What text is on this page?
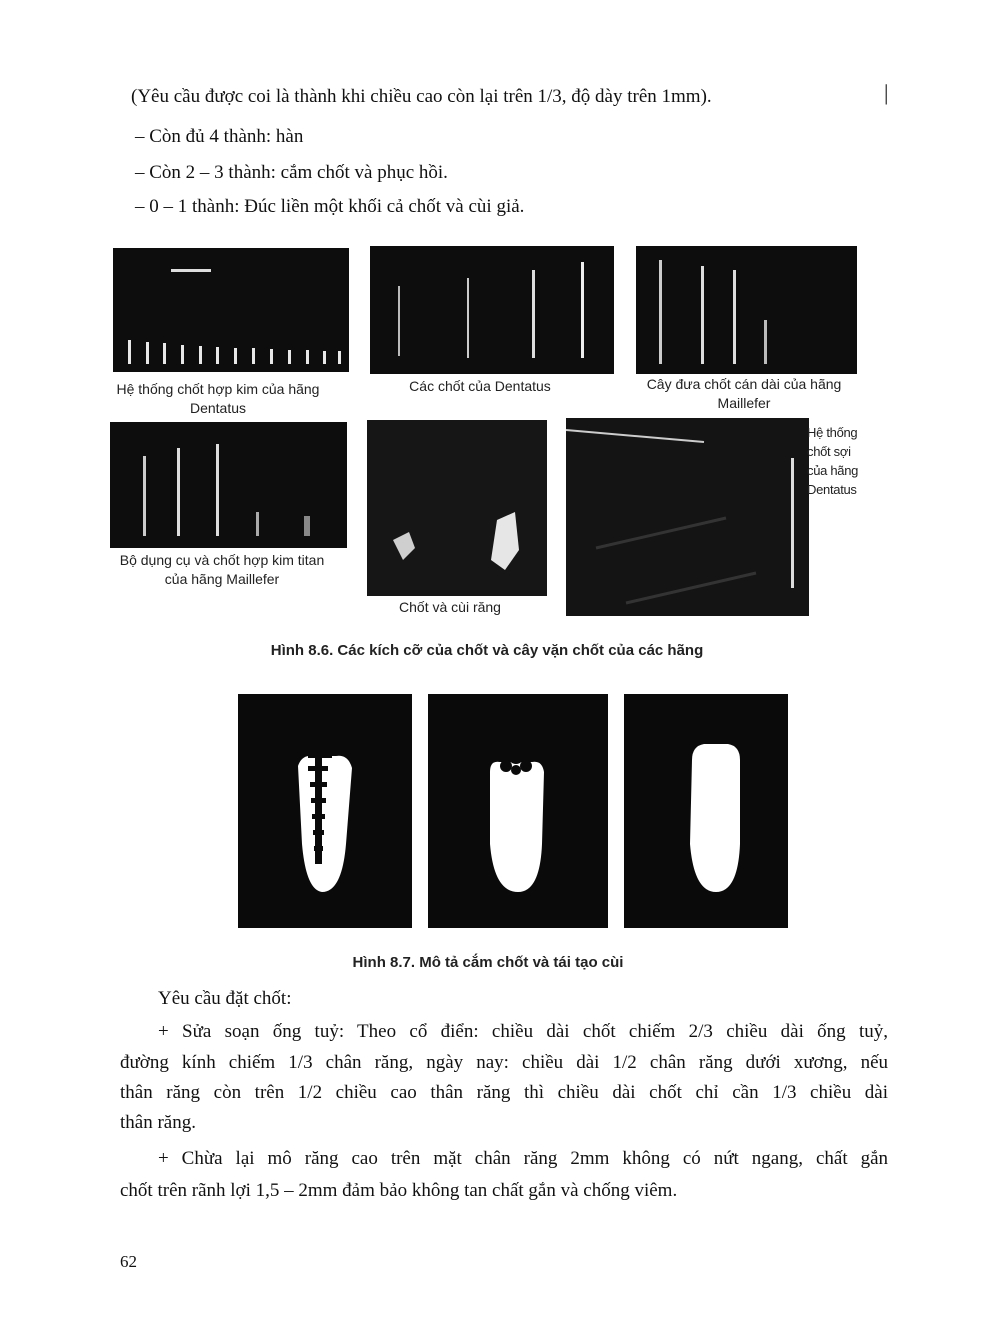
(Yêu cầu được coi là thành khi chiều cao còn lại trên 1/3, độ dày trên 1mm).	|
– Còn đủ 4 thành: hàn
– Còn 2 – 3 thành: cắm chốt và phục hồi.
– 0 – 1 thành: Đúc liền một khối cả chốt và cùi giả.
Hệ thống chốt hợp kim của hãng
Dentatus
Các chốt của Dentatus	Cây đưa chốt cán dài của hãng
Maillefer
Bộ dụng cụ và chốt hợp kim titan
của hãng Maillefer
Chốt và cùi răng
Hệ thống
chốt sợi
của hãng
Dentatus
Hình 8.6. Các kích cỡ của chốt và cây vặn chốt của các hãng
Hình 8.7. Mô tả cắm chốt và tái tạo cùi
Yêu cầu đặt chốt:
+ Sửa soạn ống tuỷ: Theo cổ điển: chiều dài chốt chiếm 2/3 chiều dài ống tuỷ,
đường kính chiếm 1/3 chân răng, ngày nay: chiều dài 1/2 chân răng dưới xương, nếu
thân răng còn trên 1/2 chiều cao thân răng thì chiều dài chốt chỉ cần 1/3 chiều dài
thân răng.
+ Chừa lại mô răng cao trên mặt chân răng 2mm không có nứt ngang, chất gắn
chốt trên rãnh lợi 1,5 – 2mm đảm bảo không tan chất gắn và chống viêm.
62
